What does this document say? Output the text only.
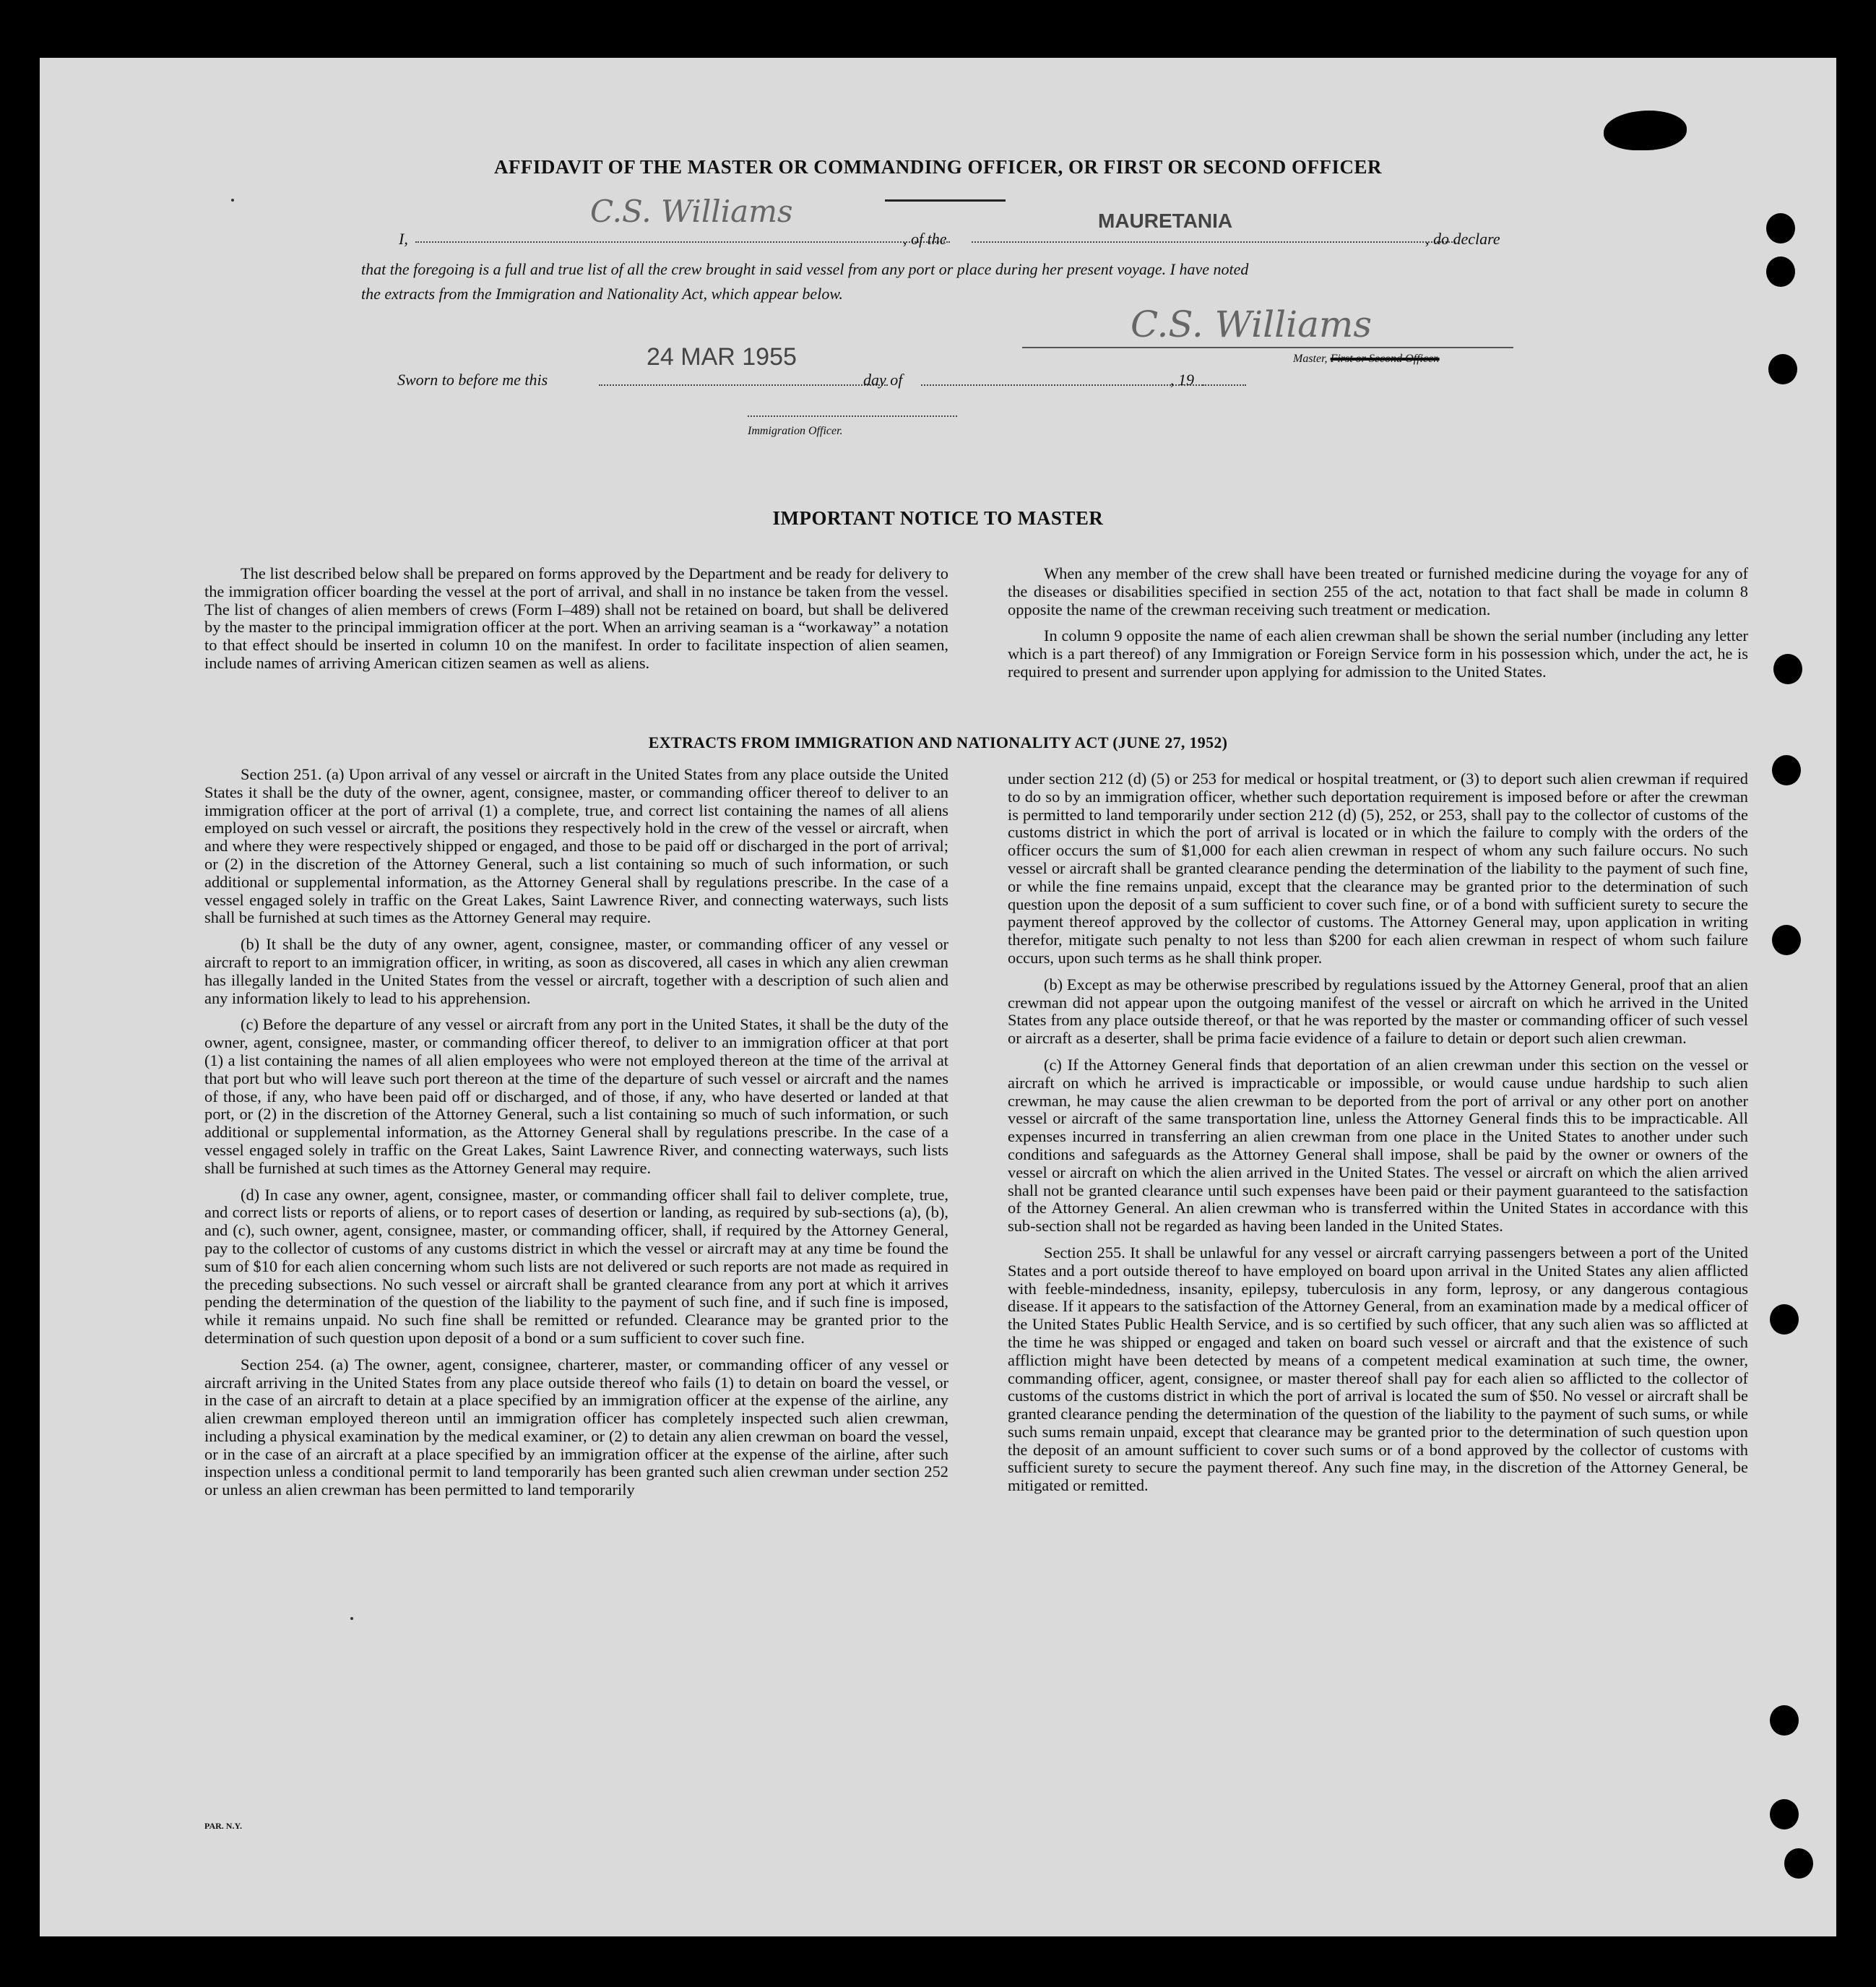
AFFIDAVIT OF THE MASTER OR COMMANDING OFFICER, OR FIRST OR SECOND OFFICER
I,
C.S. Williams
, of the
MAURETANIA
, do declare
that the foregoing is a full and true list of all the crew brought in said vessel from any port or place during her present voyage. I have noted
the extracts from the Immigration and Nationality Act, which appear below.
C.S. Williams
Master, First or Second Officer.
Sworn to before me this
24 MAR 1955
day of	, 19
Immigration Officer.
IMPORTANT NOTICE TO MASTER

The list described below shall be prepared on forms approved by the Department and be ready for delivery to the immigration officer boarding the vessel at the port of arrival, and shall in no instance be taken from the vessel. The list of changes of alien members of crews (Form I–489) shall not be retained on board, but shall be delivered by the master to the principal immigration officer at the port. When an arriving seaman is a “workaway” a notation to that effect should be inserted in column 10 on the manifest. In order to facilitate inspection of alien seamen, include names of arriving American citizen seamen as well as aliens.

When any member of the crew shall have been treated or furnished medicine during the voyage for any of the diseases or disabilities specified in section 255 of the act, notation to that fact shall be made in column 8 opposite the name of the crewman receiving such treatment or medication.

In column 9 opposite the name of each alien crewman shall be shown the serial number (including any letter which is a part thereof) of any Immigration or Foreign Service form in his possession which, under the act, he is required to present and surrender upon applying for admission to the United States.

EXTRACTS FROM IMMIGRATION AND NATIONALITY ACT (JUNE 27, 1952)

Section 251. (a) Upon arrival of any vessel or aircraft in the United States from any place outside the United States it shall be the duty of the owner, agent, consignee, master, or commanding officer thereof to deliver to an immigration officer at the port of arrival (1) a complete, true, and correct list containing the names of all aliens employed on such vessel or aircraft, the positions they respectively hold in the crew of the vessel or aircraft, when and where they were respectively shipped or engaged, and those to be paid off or discharged in the port of arrival; or (2) in the discretion of the Attorney General, such a list containing so much of such information, or such additional or supplemental information, as the Attorney General shall by regulations prescribe. In the case of a vessel engaged solely in traffic on the Great Lakes, Saint Lawrence River, and connecting waterways, such lists shall be furnished at such times as the Attorney General may require.

(b) It shall be the duty of any owner, agent, consignee, master, or commanding officer of any vessel or aircraft to report to an immigration officer, in writing, as soon as discovered, all cases in which any alien crewman has illegally landed in the United States from the vessel or aircraft, together with a description of such alien and any information likely to lead to his apprehension.

(c) Before the departure of any vessel or aircraft from any port in the United States, it shall be the duty of the owner, agent, consignee, master, or commanding officer thereof, to deliver to an immigration officer at that port (1) a list containing the names of all alien employees who were not employed thereon at the time of the arrival at that port but who will leave such port thereon at the time of the departure of such vessel or aircraft and the names of those, if any, who have been paid off or discharged, and of those, if any, who have deserted or landed at that port, or (2) in the discretion of the Attorney General, such a list containing so much of such information, or such additional or supplemental information, as the Attorney General shall by regulations prescribe. In the case of a vessel engaged solely in traffic on the Great Lakes, Saint Lawrence River, and connecting waterways, such lists shall be furnished at such times as the Attorney General may require.

(d) In case any owner, agent, consignee, master, or commanding officer shall fail to deliver complete, true, and correct lists or reports of aliens, or to report cases of desertion or landing, as required by sub-sections (a), (b), and (c), such owner, agent, consignee, master, or commanding officer, shall, if required by the Attorney General, pay to the collector of customs of any customs district in which the vessel or aircraft may at any time be found the sum of $10 for each alien concerning whom such lists are not delivered or such reports are not made as required in the preceding subsections. No such vessel or aircraft shall be granted clearance from any port at which it arrives pending the determination of the question of the liability to the payment of such fine, and if such fine is imposed, while it remains unpaid. No such fine shall be remitted or refunded. Clearance may be granted prior to the determination of such question upon deposit of a bond or a sum sufficient to cover such fine.

Section 254. (a) The owner, agent, consignee, charterer, master, or commanding officer of any vessel or aircraft arriving in the United States from any place outside thereof who fails (1) to detain on board the vessel, or in the case of an aircraft to detain at a place specified by an immigration officer at the expense of the airline, any alien crewman employed thereon until an immigration officer has completely inspected such alien crewman, including a physical examination by the medical examiner, or (2) to detain any alien crewman on board the vessel, or in the case of an aircraft at a place specified by an immigration officer at the expense of the airline, after such inspection unless a conditional permit to land temporarily has been granted such alien crewman under section 252 or unless an alien crewman has been permitted to land temporarily

under section 212 (d) (5) or 253 for medical or hospital treatment, or (3) to deport such alien crewman if required to do so by an immigration officer, whether such deportation requirement is imposed before or after the crewman is permitted to land temporarily under section 212 (d) (5), 252, or 253, shall pay to the collector of customs of the customs district in which the port of arrival is located or in which the failure to comply with the orders of the officer occurs the sum of $1,000 for each alien crewman in respect of whom any such failure occurs. No such vessel or aircraft shall be granted clearance pending the determination of the liability to the payment of such fine, or while the fine remains unpaid, except that the clearance may be granted prior to the determination of such question upon the deposit of a sum sufficient to cover such fine, or of a bond with sufficient surety to secure the payment thereof approved by the collector of customs. The Attorney General may, upon application in writing therefor, mitigate such penalty to not less than $200 for each alien crewman in respect of whom such failure occurs, upon such terms as he shall think proper.

(b) Except as may be otherwise prescribed by regulations issued by the Attorney General, proof that an alien crewman did not appear upon the outgoing manifest of the vessel or aircraft on which he arrived in the United States from any place outside thereof, or that he was reported by the master or commanding officer of such vessel or aircraft as a deserter, shall be prima facie evidence of a failure to detain or deport such alien crewman.

(c) If the Attorney General finds that deportation of an alien crewman under this section on the vessel or aircraft on which he arrived is impracticable or impossible, or would cause undue hardship to such alien crewman, he may cause the alien crewman to be deported from the port of arrival or any other port on another vessel or aircraft of the same transportation line, unless the Attorney General finds this to be impracticable. All expenses incurred in transferring an alien crewman from one place in the United States to another under such conditions and safeguards as the Attorney General shall impose, shall be paid by the owner or owners of the vessel or aircraft on which the alien arrived in the United States. The vessel or aircraft on which the alien arrived shall not be granted clearance until such expenses have been paid or their payment guaranteed to the satisfaction of the Attorney General. An alien crewman who is transferred within the United States in accordance with this sub-section shall not be regarded as having been landed in the United States.

Section 255. It shall be unlawful for any vessel or aircraft carrying passengers between a port of the United States and a port outside thereof to have employed on board upon arrival in the United States any alien afflicted with feeble-mindedness, insanity, epilepsy, tuberculosis in any form, leprosy, or any dangerous contagious disease. If it appears to the satisfaction of the Attorney General, from an examination made by a medical officer of the United States Public Health Service, and is so certified by such officer, that any such alien was so afflicted at the time he was shipped or engaged and taken on board such vessel or aircraft and that the existence of such affliction might have been detected by means of a competent medical examination at such time, the owner, commanding officer, agent, consignee, or master thereof shall pay for each alien so afflicted to the collector of customs of the customs district in which the port of arrival is located the sum of $50. No vessel or aircraft shall be granted clearance pending the determination of the question of the liability to the payment of such sums, or while such sums remain unpaid, except that clearance may be granted prior to the determination of such question upon the deposit of an amount sufficient to cover such sums or of a bond approved by the collector of customs with sufficient surety to secure the payment thereof. Any such fine may, in the discretion of the Attorney General, be mitigated or remitted.

PAR. N.Y.
